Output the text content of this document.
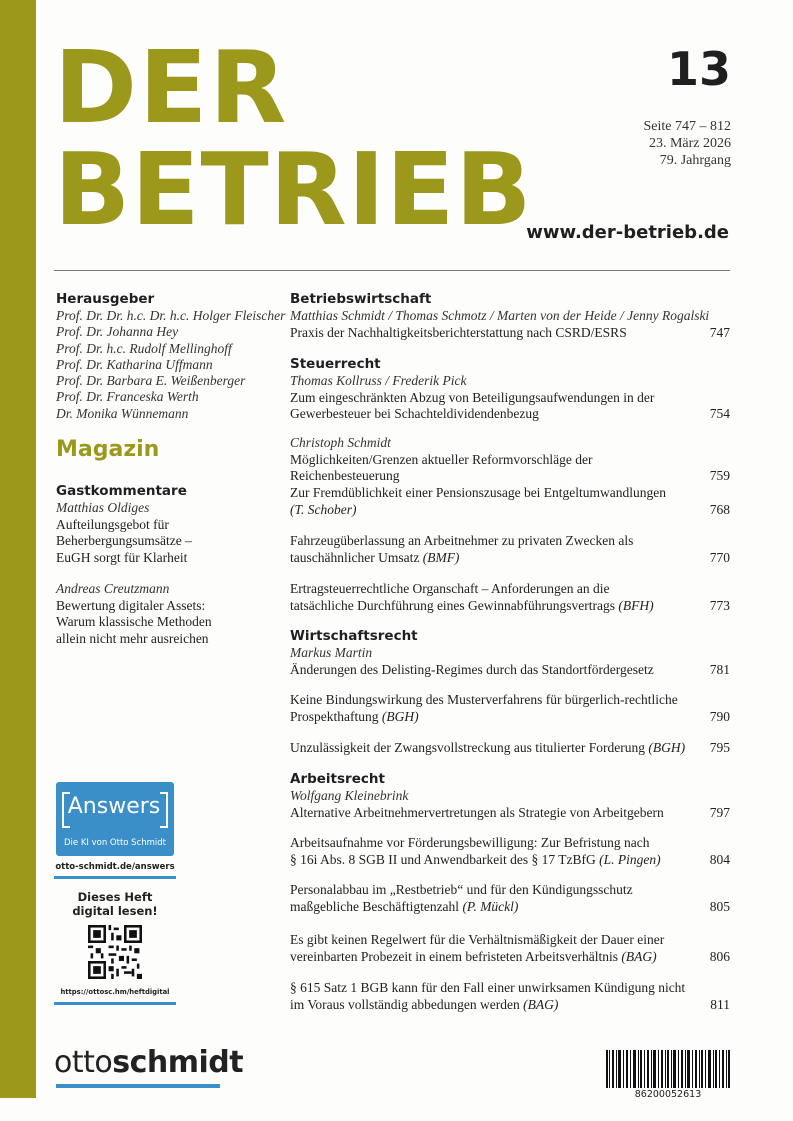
DER
BETRIEB
13
Seite 747 – 812
23. März 2026
79. Jahrgang
www.der-betrieb.de
Herausgeber
Prof. Dr. Dr. h.c. Dr. h.c. Holger Fleischer
Prof. Dr. Johanna Hey
Prof. Dr. h.c. Rudolf Mellinghoff
Prof. Dr. Katharina Uffmann
Prof. Dr. Barbara E. Weißenberger
Prof. Dr. Franceska Werth
Dr. Monika Wünnemann
Magazin
Gastkommentare
Matthias Oldiges
Aufteilungsgebot für
Beherbergungsumsätze –
EuGH sorgt für Klarheit
Andreas Creutzmann
Bewertung digitaler Assets:
Warum klassische Methoden
allein nicht mehr ausreichen
Betriebswirtschaft
Matthias Schmidt / Thomas Schmotz / Marten von der Heide / Jenny Rogalski
Praxis der Nachhaltigkeitsberichterstattung nach CSRD/ESRS	747
Steuerrecht
Thomas Kollruss / Frederik Pick
Zum eingeschränkten Abzug von Beteiligungsaufwendungen in der
Gewerbesteuer bei Schachteldividendenbezug	754
Christoph Schmidt
Möglichkeiten/Grenzen aktueller Reformvorschläge der Reichenbesteuerung	759
Zur Fremdüblichkeit einer Pensionszusage bei Entgeltumwandlungen
(T. Schober)	768
Fahrzeugüberlassung an Arbeitnehmer zu privaten Zwecken als
tauschähnlicher Umsatz (BMF)	770
Ertragsteuerrechtliche Organschaft – Anforderungen an die
tatsächliche Durchführung eines Gewinnabführungsvertrags (BFH)	773
Wirtschaftsrecht
Markus Martin
Änderungen des Delisting-Regimes durch das Standortfördergesetz	781
Keine Bindungswirkung des Musterverfahrens für bürgerlich-rechtliche
Prospekthaftung (BGH)	790
Unzulässigkeit der Zwangsvollstreckung aus titulierter Forderung (BGH) 795
Arbeitsrecht
Wolfgang Kleinebrink
Alternative Arbeitnehmervertretungen als Strategie von Arbeitgebern	797
Arbeitsaufnahme vor Förderungsbewilligung: Zur Befristung nach
§ 16i Abs. 8 SGB II und Anwendbarkeit des § 17 TzBfG (L. Pingen)	804
Personalabbau im „Restbetrieb“ und für den Kündigungsschutz
maßgebliche Beschäftigtenzahl (P. Mückl)	805
Es gibt keinen Regelwert für die Verhältnismäßigkeit der Dauer einer
vereinbarten Probezeit in einem befristeten Arbeitsverhältnis (BAG)	806
§ 615 Satz 1 BGB kann für den Fall einer unwirksamen Kündigung nicht
im Voraus vollständig abbedungen werden (BAG)	811
Answers
Die KI von Otto Schmidt
otto-schmidt.de/answers
Dieses Heft
digital lesen!
https://ottosc.hm/heftdigital
ottoschmidt
86200052613
